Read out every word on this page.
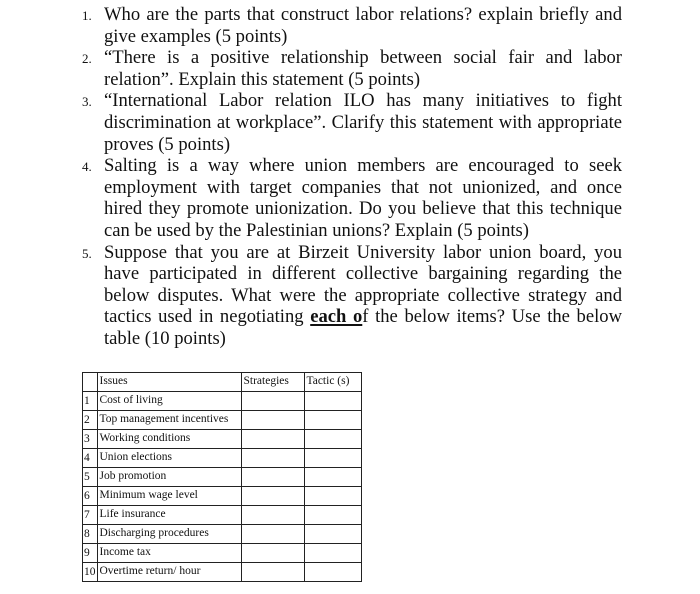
1. Who are the parts that construct labor relations? explain briefly and give examples (5 points)
2. “There is a positive relationship between social fair and labor relation”. Explain this statement (5 points)
3. “International Labor relation ILO has many initiatives to fight discrimination at workplace”. Clarify this statement with appropriate proves (5 points)
4. Salting is a way where union members are encouraged to seek employment with target companies that not unionized, and once hired they promote unionization. Do you believe that this technique can be used by the Palestinian unions? Explain (5 points)
5. Suppose that you are at Birzeit University labor union board, you have participated in different collective bargaining regarding the below disputes. What were the appropriate collective strategy and tactics used in negotiating each of the below items? Use the below table (10 points)
	Issues	Strategies	Tactic (s)
1	Cost of living		
2	Top management incentives		
3	Working conditions		
4	Union elections		
5	Job promotion		
6	Minimum wage level		
7	Life insurance		
8	Discharging procedures		
9	Income tax		
10	Overtime return/ hour		
